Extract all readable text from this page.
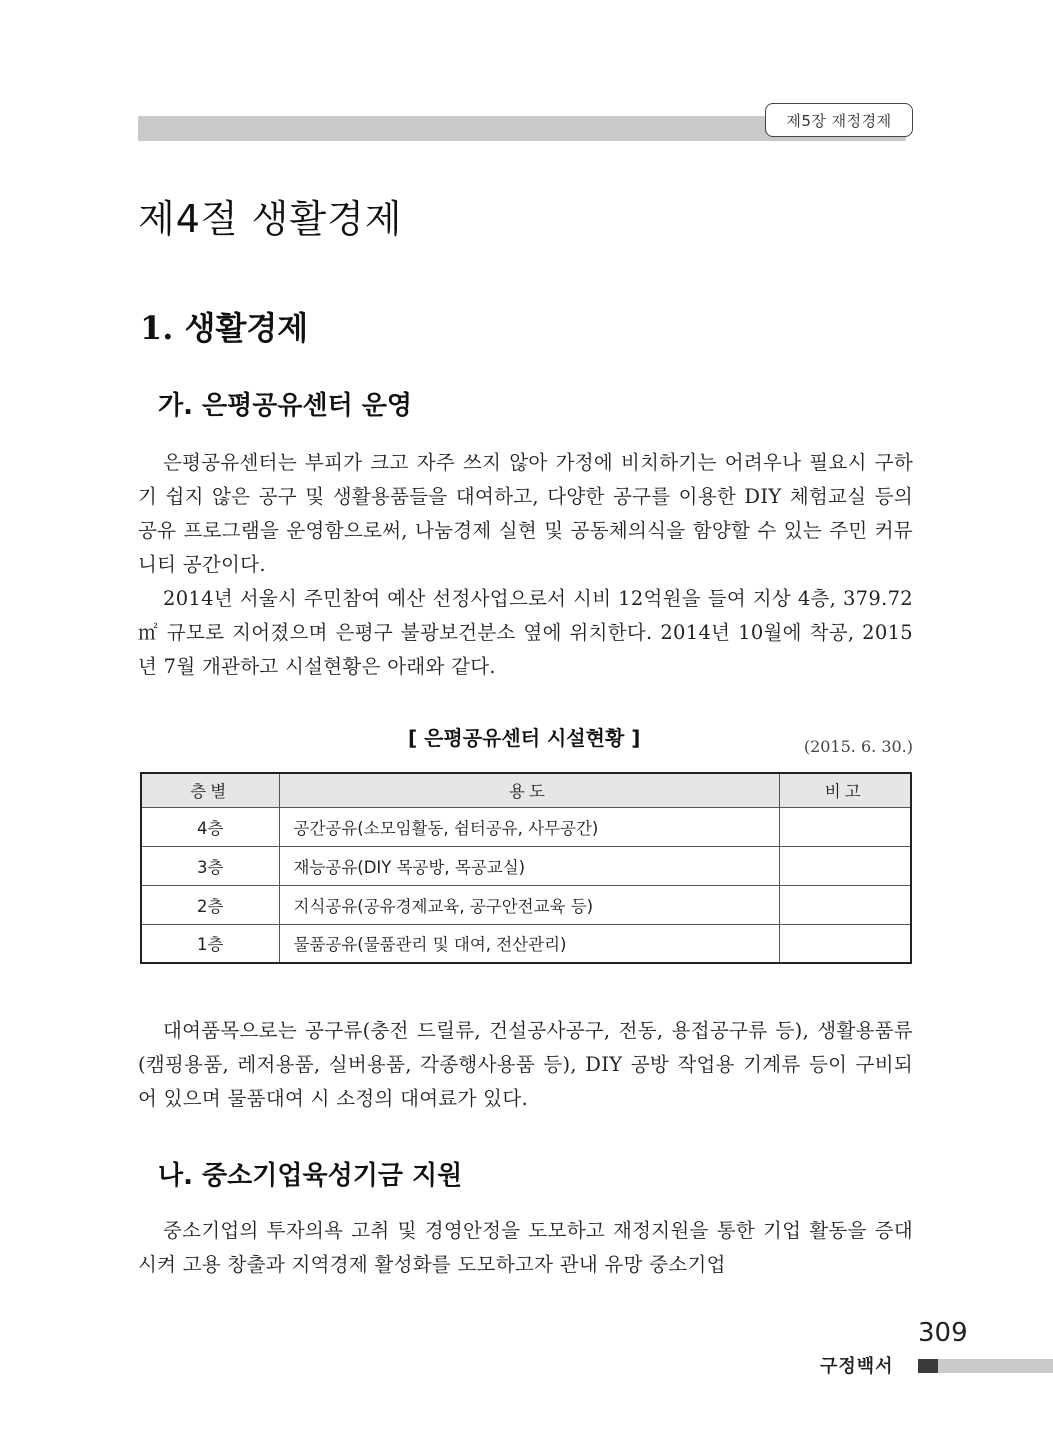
제5장 재정경제
제4절 생활경제
1. 생활경제
가. 은평공유센터 운영

은평공유센터는 부피가 크고 자주 쓰지 않아 가정에 비치하기는 어려우나 필요시 구하기 쉽지 않은 공구 및 생활용품들을 대여하고, 다양한 공구를 이용한 DIY 체험교실 등의 공유 프로그램을 운영함으로써, 나눔경제 실현 및 공동체의식을 함양할 수 있는 주민 커뮤니티 공간이다.

2014년 서울시 주민참여 예산 선정사업으로서 시비 12억원을 들여 지상 4층, 379.72㎡ 규모로 지어졌으며 은평구 불광보건분소 옆에 위치한다. 2014년 10월에 착공, 2015년 7월 개관하고 시설현황은 아래와 같다.

[ 은평공유센터 시설현황 ]	(2015. 6. 30.)
층별	용도	비고
4층	공간공유(소모임활동, 쉼터공유, 사무공간)	
3층	재능공유(DIY 목공방, 목공교실)	
2층	지식공유(공유경제교육, 공구안전교육 등)	
1층	물품공유(물품관리 및 대여, 전산관리)	

대여품목으로는 공구류(충전 드릴류, 건설공사공구, 전동, 용접공구류 등), 생활용품류(캠핑용품, 레저용품, 실버용품, 각종행사용품 등), DIY 공방 작업용 기계류 등이 구비되어 있으며 물품대여 시 소정의 대여료가 있다.

나. 중소기업육성기금 지원

중소기업의 투자의욕 고취 및 경영안정을 도모하고 재정지원을 통한 기업 활동을 증대시켜 고용 창출과 지역경제 활성화를 도모하고자 관내 유망 중소기업

309
구정백서
